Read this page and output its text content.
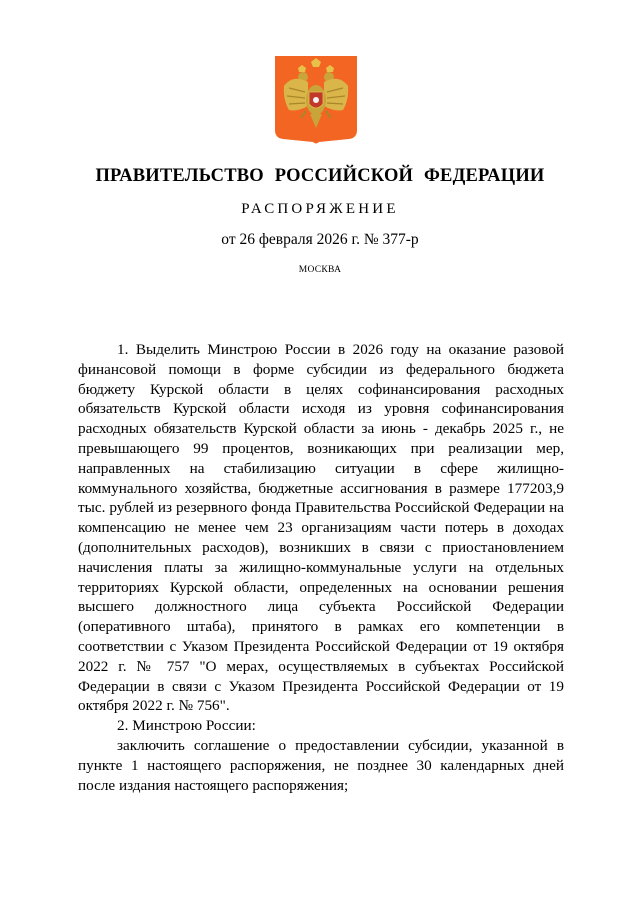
ПРАВИТЕЛЬСТВО РОССИЙСКОЙ ФЕДЕРАЦИИ
РАСПОРЯЖЕНИЕ
от 26 февраля 2026 г. № 377-р
МОСКВА

1. Выделить Минстрою России в 2026 году на оказание разовой финансовой помощи в форме субсидии из федерального бюджета бюджету Курской области в целях софинансирования расходных обязательств Курской области исходя из уровня софинансирования расходных обязательств Курской области за июнь - декабрь 2025 г., не превышающего 99 процентов, возникающих при реализации мер, направленных на стабилизацию ситуации в сфере жилищно-коммунального хозяйства, бюджетные ассигнования в размере 177203,9 тыс. рублей из резервного фонда Правительства Российской Федерации на компенсацию не менее чем 23 организациям части потерь в доходах (дополнительных расходов), возникших в связи с приостановлением начисления платы за жилищно-коммунальные услуги на отдельных территориях Курской области, определенных на основании решения высшего должностного лица субъекта Российской Федерации (оперативного штаба), принятого в рамках его компетенции в соответствии с Указом Президента Российской Федерации от 19 октября 2022 г. № 757 "О мерах, осуществляемых в субъектах Российской Федерации в связи с Указом Президента Российской Федерации от 19 октября 2022 г. № 756".

2. Минстрою России:

заключить соглашение о предоставлении субсидии, указанной в пункте 1 настоящего распоряжения, не позднее 30 календарных дней после издания настоящего распоряжения;
